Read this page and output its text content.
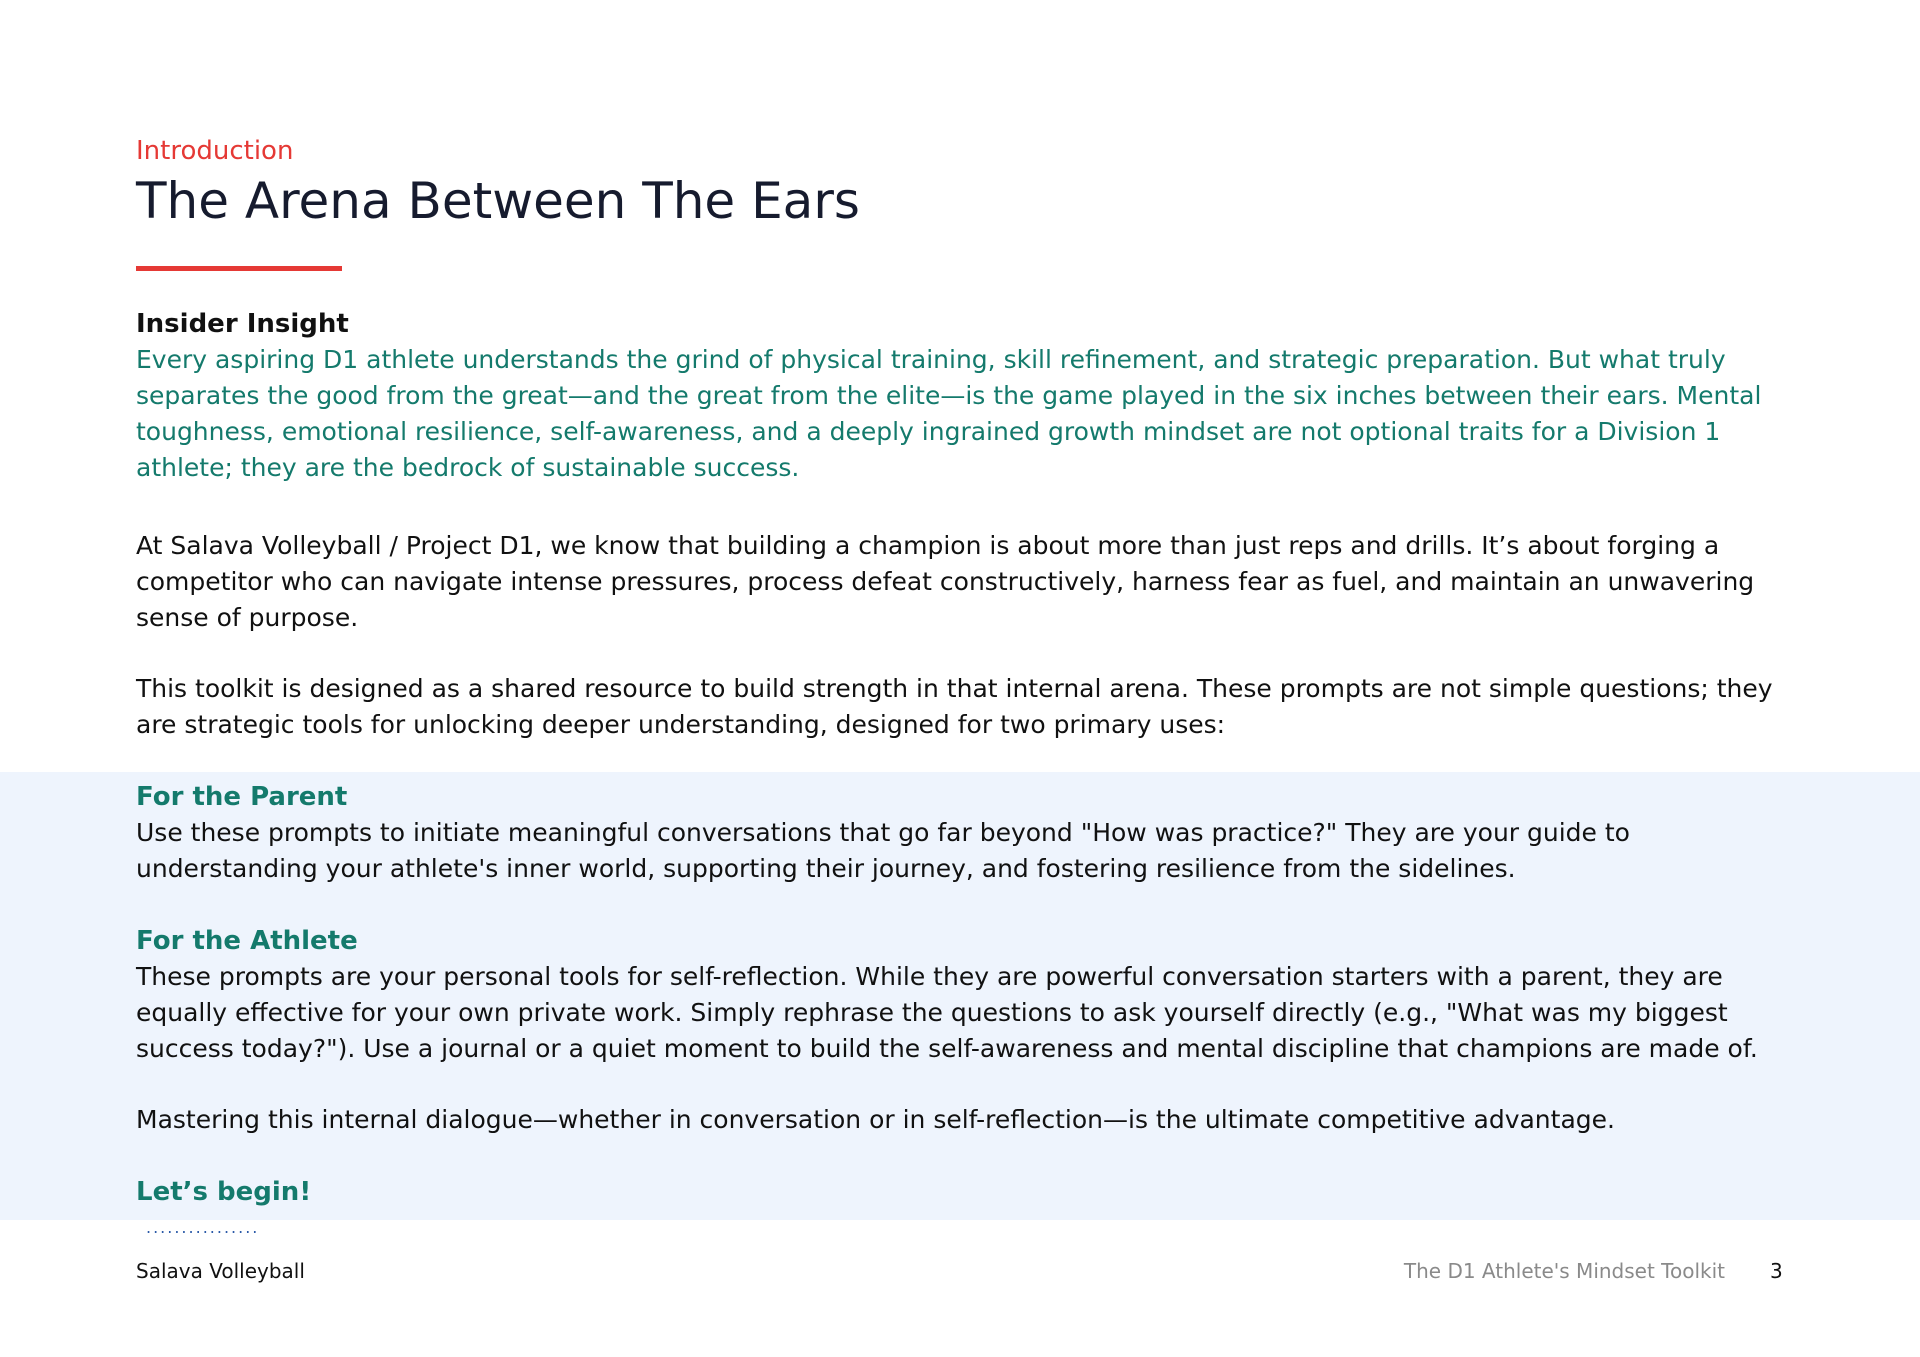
Introduction
The Arena Between The Ears
Insider Insight
Every aspiring D1 athlete understands the grind of physical training, skill refinement, and strategic preparation. But what truly separates the good from the great—and the great from the elite—is the game played in the six inches between their ears. Mental toughness, emotional resilience, self-awareness, and a deeply ingrained growth mindset are not optional traits for a Division 1 athlete; they are the bedrock of sustainable success.
At Salava Volleyball / Project D1, we know that building a champion is about more than just reps and drills. It’s about forging a competitor who can navigate intense pressures, process defeat constructively, harness fear as fuel, and maintain an unwavering sense of purpose.
This toolkit is designed as a shared resource to build strength in that internal arena. These prompts are not simple questions; they are strategic tools for unlocking deeper understanding, designed for two primary uses:
For the Parent
Use these prompts to initiate meaningful conversations that go far beyond "How was practice?" They are your guide to understanding your athlete's inner world, supporting their journey, and fostering resilience from the sidelines.
For the Athlete
These prompts are your personal tools for self-reflection. While they are powerful conversation starters with a parent, they are equally effective for your own private work. Simply rephrase the questions to ask yourself directly (e.g., "What was my biggest success today?"). Use a journal or a quiet moment to build the self-awareness and mental discipline that champions are made of.
Mastering this internal dialogue—whether in conversation or in self-reflection—is the ultimate competitive advantage.
Let’s begin!
................
Salava Volleyball	The D1 Athlete's Mindset Toolkit 3
